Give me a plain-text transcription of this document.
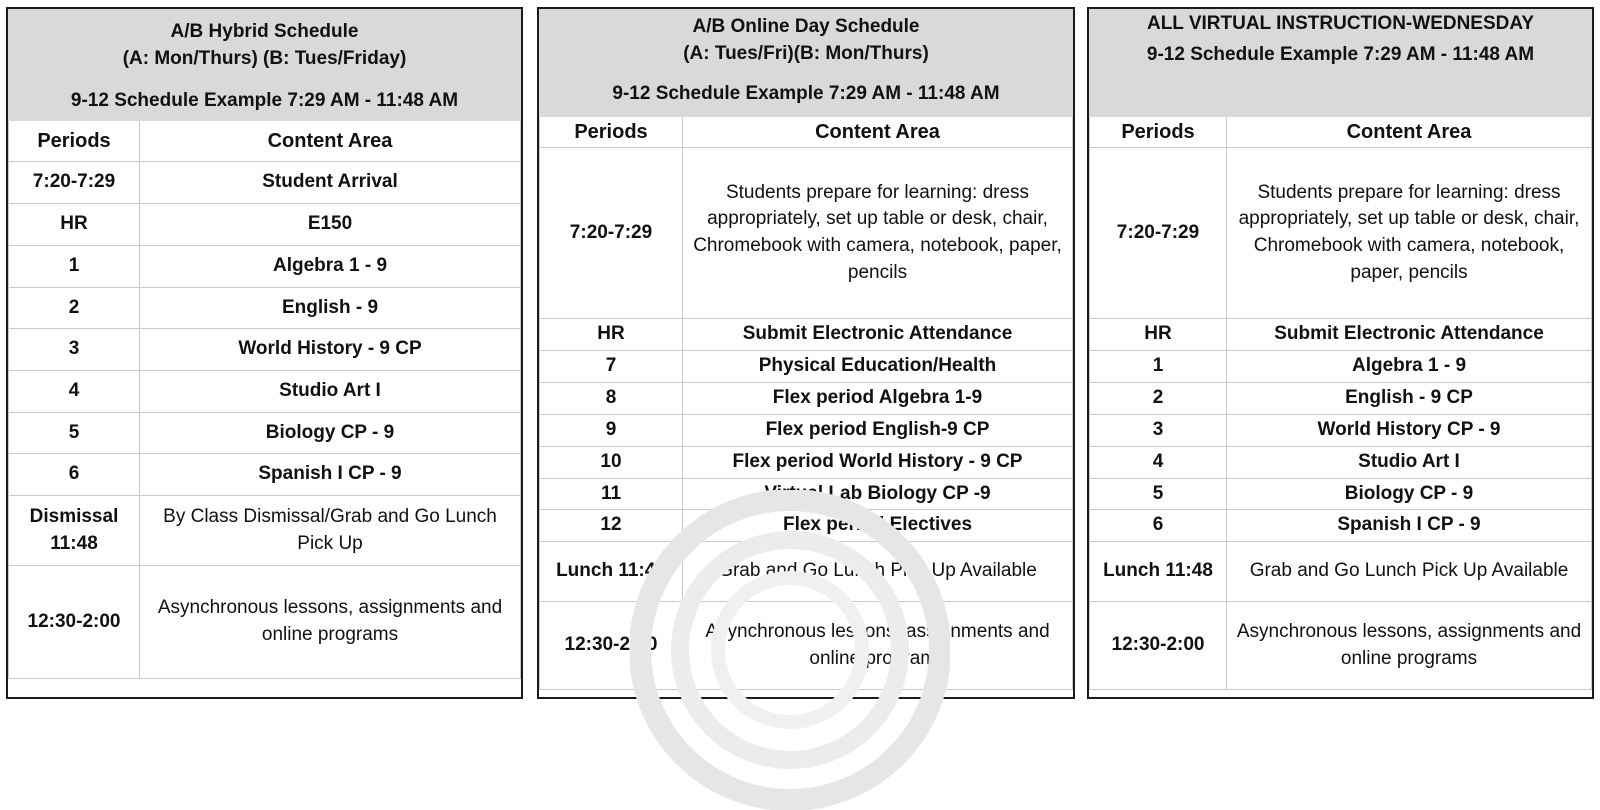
A/B Hybrid Schedule
(A: Mon/Thurs) (B: Tues/Friday)	
9-12 Schedule Example 7:29 AM - 11:48 AM	
Periods	Content Area
7:20-7:29	Student Arrival
HR	E150
1	Algebra 1 - 9
2	English - 9
3	World History - 9 CP
4	Studio Art I
5	Biology CP - 9
6	Spanish I CP - 9
Dismissal 11:48	By Class Dismissal/Grab and Go Lunch Pick Up
12:30-2:00	Asynchronous lessons, assignments and online programs
A/B Online Day Schedule
(A: Tues/Fri)(B: Mon/Thurs)	
9-12 Schedule Example 7:29 AM - 11:48 AM	
Periods	Content Area
7:20-7:29	Students prepare for learning: dress appropriately, set up table or desk, chair, Chromebook with camera, notebook, paper, pencils
HR	Submit Electronic Attendance
7	Physical Education/Health
8	Flex period Algebra 1-9
9	Flex period English-9 CP
10	Flex period World History - 9 CP
11	Virtual Lab Biology CP -9
12	Flex period Electives
Lunch 11:48	Grab and Go Lunch Pick Up Available
12:30-2:00	Asynchronous lessons, assignments and online programs
ALL VIRTUAL INSTRUCTION-WEDNESDAY	
9-12 Schedule Example 7:29 AM - 11:48 AM	

Periods	Content Area
7:20-7:29	Students prepare for learning: dress appropriately, set up table or desk, chair, Chromebook with camera, notebook, paper, pencils
HR	Submit Electronic Attendance
1	Algebra 1 - 9
2	English - 9 CP
3	World History CP - 9
4	Studio Art I
5	Biology CP - 9
6	Spanish I CP - 9
Lunch 11:48	Grab and Go Lunch Pick Up Available
12:30-2:00	Asynchronous lessons, assignments and online programs
